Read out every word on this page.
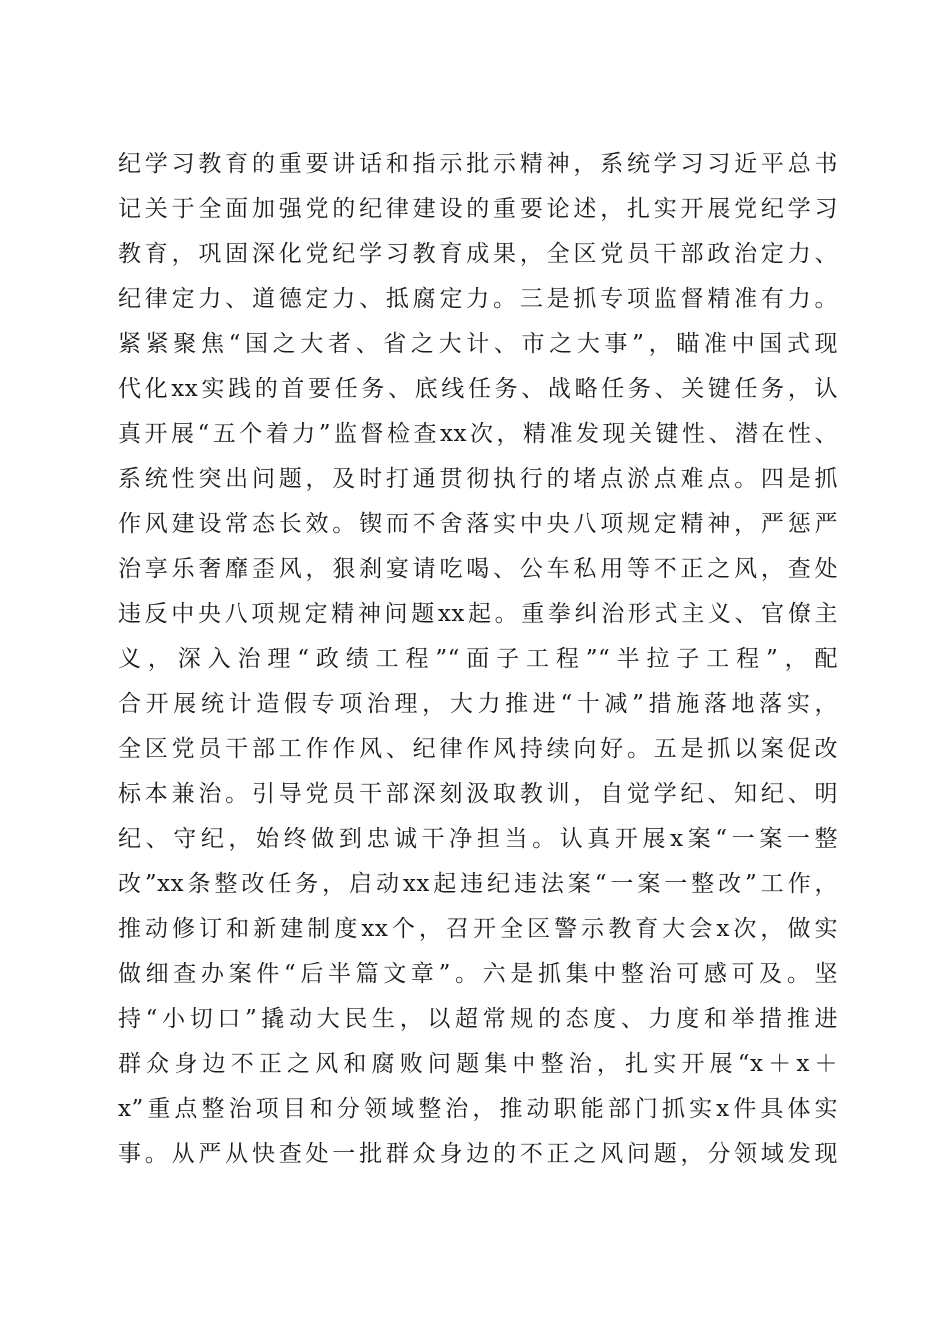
纪学习教育的重要讲话和指示批示精神，系统学习习近平总书
记关于全面加强党的纪律建设的重要论述，扎实开展党纪学习
教育，巩固深化党纪学习教育成果，全区党员干部政治定力、
纪律定力、道德定力、抵腐定力。三是抓专项监督精准有力。
紧紧聚焦“国之大者、省之大计、市之大事”，瞄准中国式现
代化xx实践的首要任务、底线任务、战略任务、关键任务，认
真开展“五个着力”监督检查xx次，精准发现关键性、潜在性、
系统性突出问题，及时打通贯彻执行的堵点淤点难点。四是抓
作风建设常态长效。锲而不舍落实中央八项规定精神，严惩严
治享乐奢靡歪风，狠刹宴请吃喝、公车私用等不正之风，查处
违反中央八项规定精神问题xx起。重拳纠治形式主义、官僚主
义，深入治理“政绩工程”“面子工程”“半拉子工程”，配
合开展统计造假专项治理，大力推进“十减”措施落地落实，
全区党员干部工作作风、纪律作风持续向好。五是抓以案促改
标本兼治。引导党员干部深刻汲取教训，自觉学纪、知纪、明
纪、守纪，始终做到忠诚干净担当。认真开展x案“一案一整
改”xx条整改任务，启动xx起违纪违法案“一案一整改”工作，
推动修订和新建制度xx个，召开全区警示教育大会x次，做实
做细查办案件“后半篇文章”。六是抓集中整治可感可及。坚
持“小切口”撬动大民生，以超常规的态度、力度和举措推进
群众身边不正之风和腐败问题集中整治，扎实开展“x＋x＋
x”重点整治项目和分领域整治，推动职能部门抓实x件具体实
事。从严从快查处一批群众身边的不正之风问题，分领域发现
